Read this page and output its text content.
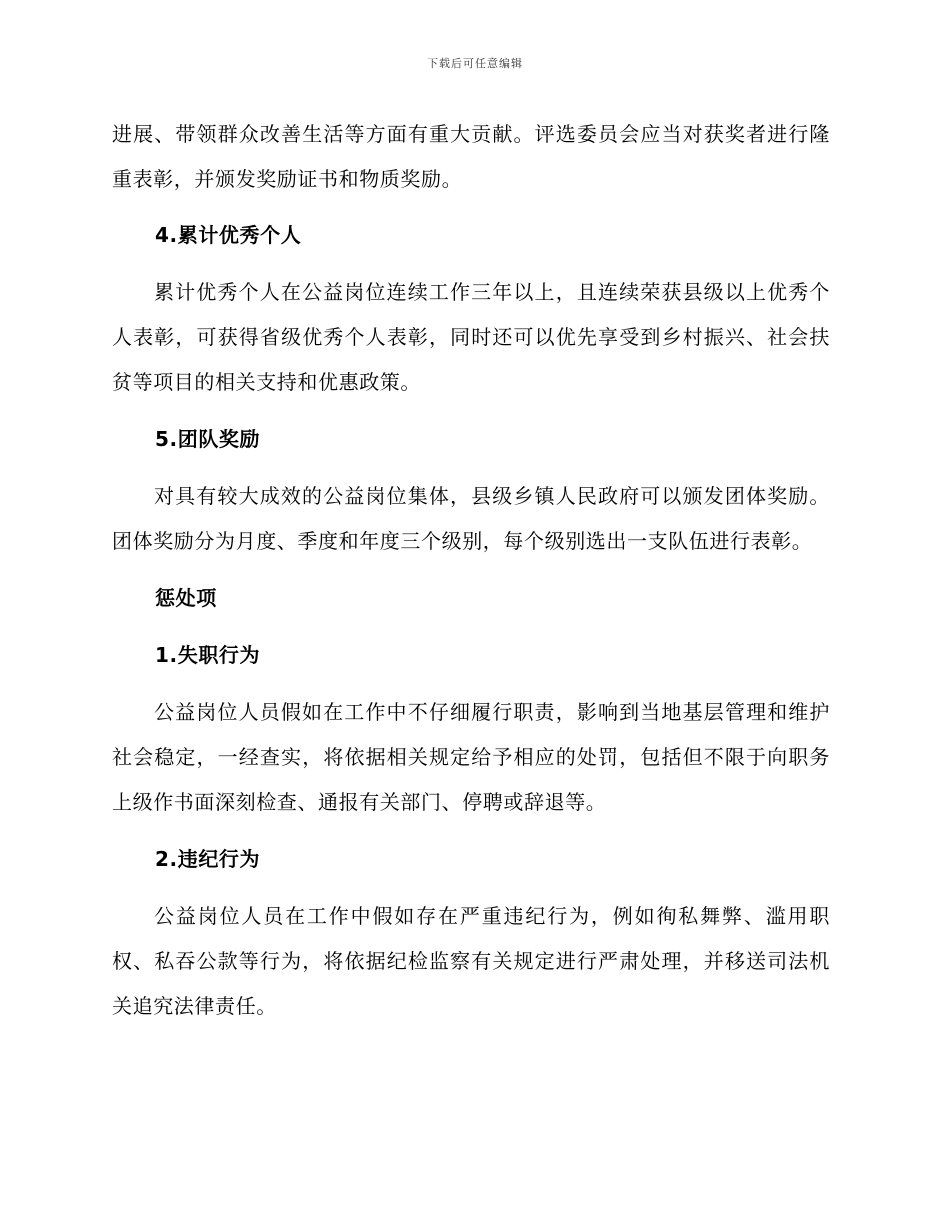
下载后可任意编辑

进展、带领群众改善生活等方面有重大贡献。评选委员会应当对获奖者进行隆重表彰，并颁发奖励证书和物质奖励。

4.累计优秀个人

累计优秀个人在公益岗位连续工作三年以上，且连续荣获县级以上优秀个人表彰，可获得省级优秀个人表彰，同时还可以优先享受到乡村振兴、社会扶贫等项目的相关支持和优惠政策。

5.团队奖励

对具有较大成效的公益岗位集体，县级乡镇人民政府可以颁发团体奖励。团体奖励分为月度、季度和年度三个级别，每个级别选出一支队伍进行表彰。

惩处项
1.失职行为

公益岗位人员假如在工作中不仔细履行职责，影响到当地基层管理和维护社会稳定，一经查实，将依据相关规定给予相应的处罚，包括但不限于向职务上级作书面深刻检查、通报有关部门、停聘或辞退等。

2.违纪行为

公益岗位人员在工作中假如存在严重违纪行为，例如徇私舞弊、滥用职权、私吞公款等行为，将依据纪检监察有关规定进行严肃处理，并移送司法机关追究法律责任。
